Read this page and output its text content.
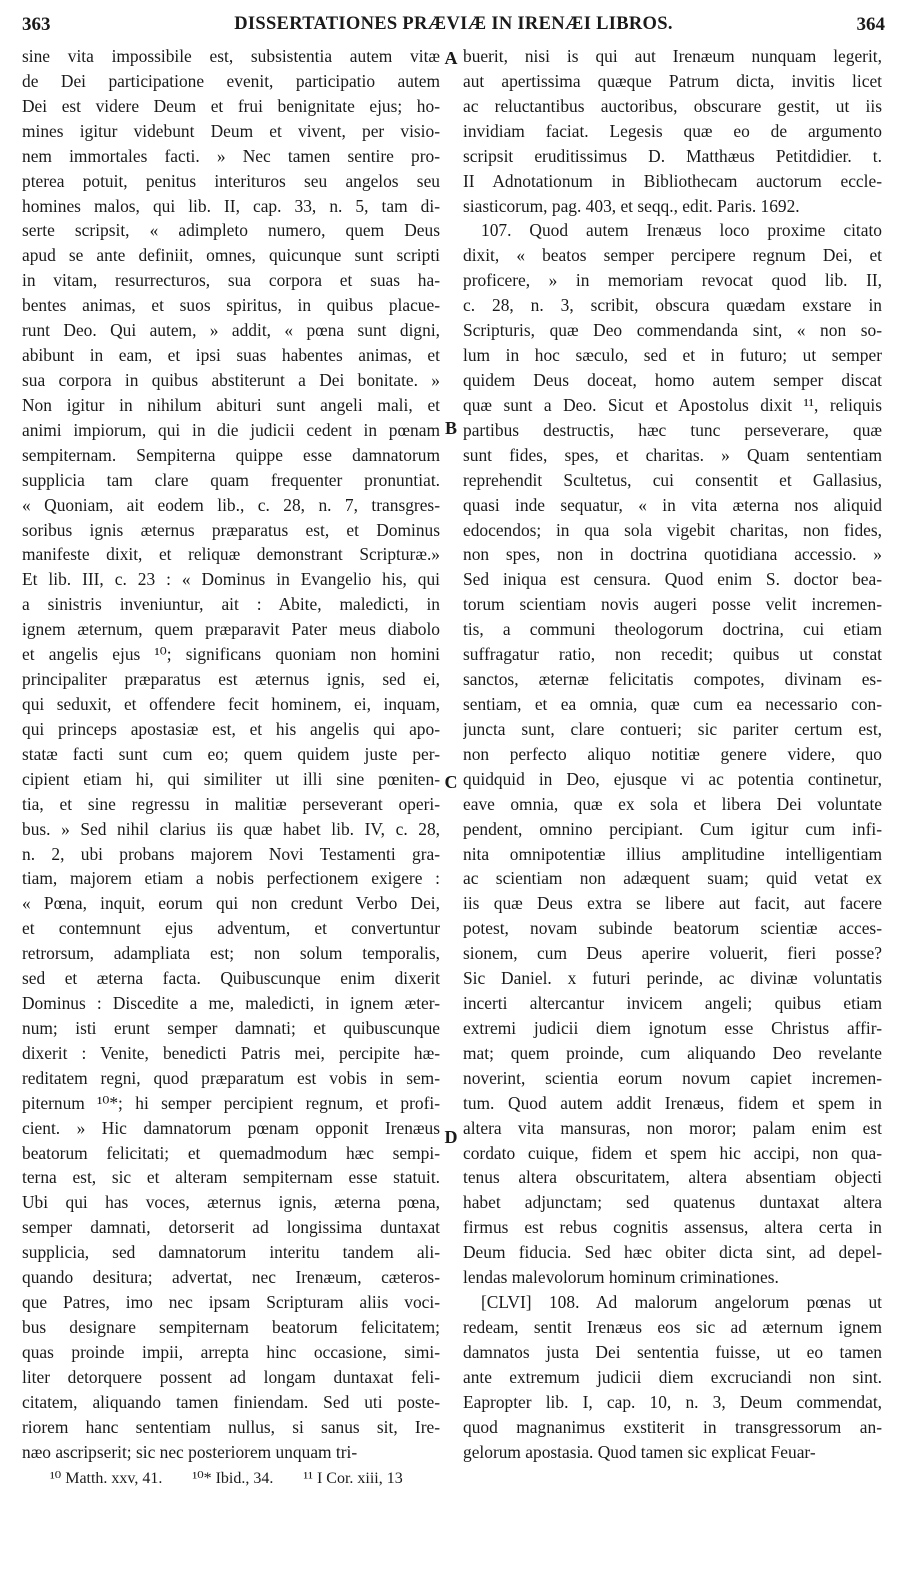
363	DISSERTATIONES PRÆVIÆ IN IRENÆI LIBROS.	364
sine vita impossibile est, subsistentia autem vitæ
de Dei participatione evenit, participatio autem
Dei est videre Deum et frui benignitate ejus; ho-
mines igitur videbunt Deum et vivent, per visio-
nem immortales facti. » Nec tamen sentire pro-
pterea potuit, penitus interituros seu angelos seu
homines malos, qui lib. II, cap. 33, n. 5, tam di-
serte scripsit, « adimpleto numero, quem Deus
apud se ante definiit, omnes, quicunque sunt scripti
in vitam, resurrecturos, sua corpora et suas ha-
bentes animas, et suos spiritus, in quibus placue-
runt Deo. Qui autem, » addit, « pœna sunt digni,
abibunt in eam, et ipsi suas habentes animas, et
sua corpora in quibus abstiterunt a Dei bonitate. »
Non igitur in nihilum abituri sunt angeli mali, et
animi impiorum, qui in die judicii cedent in pœnam
sempiternam. Sempiterna quippe esse damnatorum
supplicia tam clare quam frequenter pronuntiat.
« Quoniam, ait eodem lib., c. 28, n. 7, transgres-
soribus ignis æternus præparatus est, et Dominus
manifeste dixit, et reliquæ demonstrant Scripturæ.»
Et lib. III, c. 23 : « Dominus in Evangelio his, qui
a sinistris inveniuntur, ait : Abite, maledicti, in
ignem æternum, quem præparavit Pater meus diabolo
et angelis ejus ¹⁰; significans quoniam non homini
principaliter præparatus est æternus ignis, sed ei,
qui seduxit, et offendere fecit hominem, ei, inquam,
qui princeps apostasiæ est, et his angelis qui apo-
statæ facti sunt cum eo; quem quidem juste per-
cipient etiam hi, qui similiter ut illi sine pœniten-
tia, et sine regressu in malitiæ perseverant operi-
bus. » Sed nihil clarius iis quæ habet lib. IV, c. 28,
n. 2, ubi probans majorem Novi Testamenti gra-
tiam, majorem etiam a nobis perfectionem exigere :
« Pœna, inquit, eorum qui non credunt Verbo Dei,
et contemnunt ejus adventum, et convertuntur
retrorsum, adampliata est; non solum temporalis,
sed et æterna facta. Quibuscunque enim dixerit
Dominus : Discedite a me, maledicti, in ignem æter-
num; isti erunt semper damnati; et quibuscunque
dixerit : Venite, benedicti Patris mei, percipite hæ-
reditatem regni, quod præparatum est vobis in sem-
piternum ¹⁰*; hi semper percipient regnum, et profi-
cient. » Hic damnatorum pœnam opponit Irenæus
beatorum felicitati; et quemadmodum hæc sempi-
terna est, sic et alteram sempiternam esse statuit.
Ubi qui has voces, æternus ignis, æterna pœna,
semper damnati, detorserit ad longissima duntaxat
supplicia, sed damnatorum interitu tandem ali-
quando desitura; advertat, nec Irenæum, cæteros-
que Patres, imo nec ipsam Scripturam aliis voci-
bus designare sempiternam beatorum felicitatem;
quas proinde impii, arrepta hinc occasione, simi-
liter detorquere possent ad longam duntaxat feli-
citatem, aliquando tamen finiendam. Sed uti poste-
riorem hanc sententiam nullus, si sanus sit, Ire-
næo ascripserit; sic nec posteriorem unquam tri-
buerit, nisi is qui aut Irenæum nunquam legerit,
aut apertissima quæque Patrum dicta, invitis licet
ac reluctantibus auctoribus, obscurare gestit, ut iis
invidiam faciat. Legesis quæ eo de argumento
scripsit eruditissimus D. Matthæus Petitdidier. t.
II Adnotationum in Bibliothecam auctorum eccle-
siasticorum, pag. 403, et seqq., edit. Paris. 1692.
107. Quod autem Irenæus loco proxime citato
dixit, « beatos semper percipere regnum Dei, et
proficere, » in memoriam revocat quod lib. II,
c. 28, n. 3, scribit, obscura quædam exstare in
Scripturis, quæ Deo commendanda sint, « non so-
lum in hoc sæculo, sed et in futuro; ut semper
quidem Deus doceat, homo autem semper discat
quæ sunt a Deo. Sicut et Apostolus dixit ¹¹, reliquis
partibus destructis, hæc tunc perseverare, quæ
sunt fides, spes, et charitas. » Quam sententiam
reprehendit Scultetus, cui consentit et Gallasius,
quasi inde sequatur, « in vita æterna nos aliquid
edocendos; in qua sola vigebit charitas, non fides,
non spes, non in doctrina quotidiana accessio. »
Sed iniqua est censura. Quod enim S. doctor bea-
torum scientiam novis augeri posse velit incremen-
tis, a communi theologorum doctrina, cui etiam
suffragatur ratio, non recedit; quibus ut constat
sanctos, æternæ felicitatis compotes, divinam es-
sentiam, et ea omnia, quæ cum ea necessario con-
juncta sunt, clare contueri; sic pariter certum est,
non perfecto aliquo notitiæ genere videre, quo
quidquid in Deo, ejusque vi ac potentia continetur,
eave omnia, quæ ex sola et libera Dei voluntate
pendent, omnino percipiant. Cum igitur cum infi-
nita omnipotentiæ illius amplitudine intelligentiam
ac scientiam non adæquent suam; quid vetat ex
iis quæ Deus extra se libere aut facit, aut facere
potest, novam subinde beatorum scientiæ acces-
sionem, cum Deus aperire voluerit, fieri posse?
Sic Daniel. x futuri perinde, ac divinæ voluntatis
incerti altercantur invicem angeli; quibus etiam
extremi judicii diem ignotum esse Christus affir-
mat; quem proinde, cum aliquando Deo revelante
noverint, scientia eorum novum capiet incremen-
tum. Quod autem addit Irenæus, fidem et spem in
altera vita mansuras, non moror; palam enim est
cordato cuique, fidem et spem hic accipi, non qua-
tenus altera obscuritatem, altera absentiam objecti
habet adjunctam; sed quatenus duntaxat altera
firmus est rebus cognitis assensus, altera certa in
Deum fiducia. Sed hæc obiter dicta sint, ad depel-
lendas malevolorum hominum criminationes.
[CLVI] 108. Ad malorum angelorum pœnas ut
redeam, sentit Irenæus eos sic ad æternum ignem
damnatos justa Dei sententia fuisse, ut eo tamen
ante extremum judicii diem excruciandi non sint.
Eapropter lib. I, cap. 10, n. 3, Deum commendat,
quod magnanimus exstiterit in transgressorum an-
gelorum apostasia. Quod tamen sic explicat Feuar-
A
B
C
D
¹⁰ Matth. xxv, 41. ¹⁰* Ibid., 34. ¹¹ I Cor. xiii, 13
